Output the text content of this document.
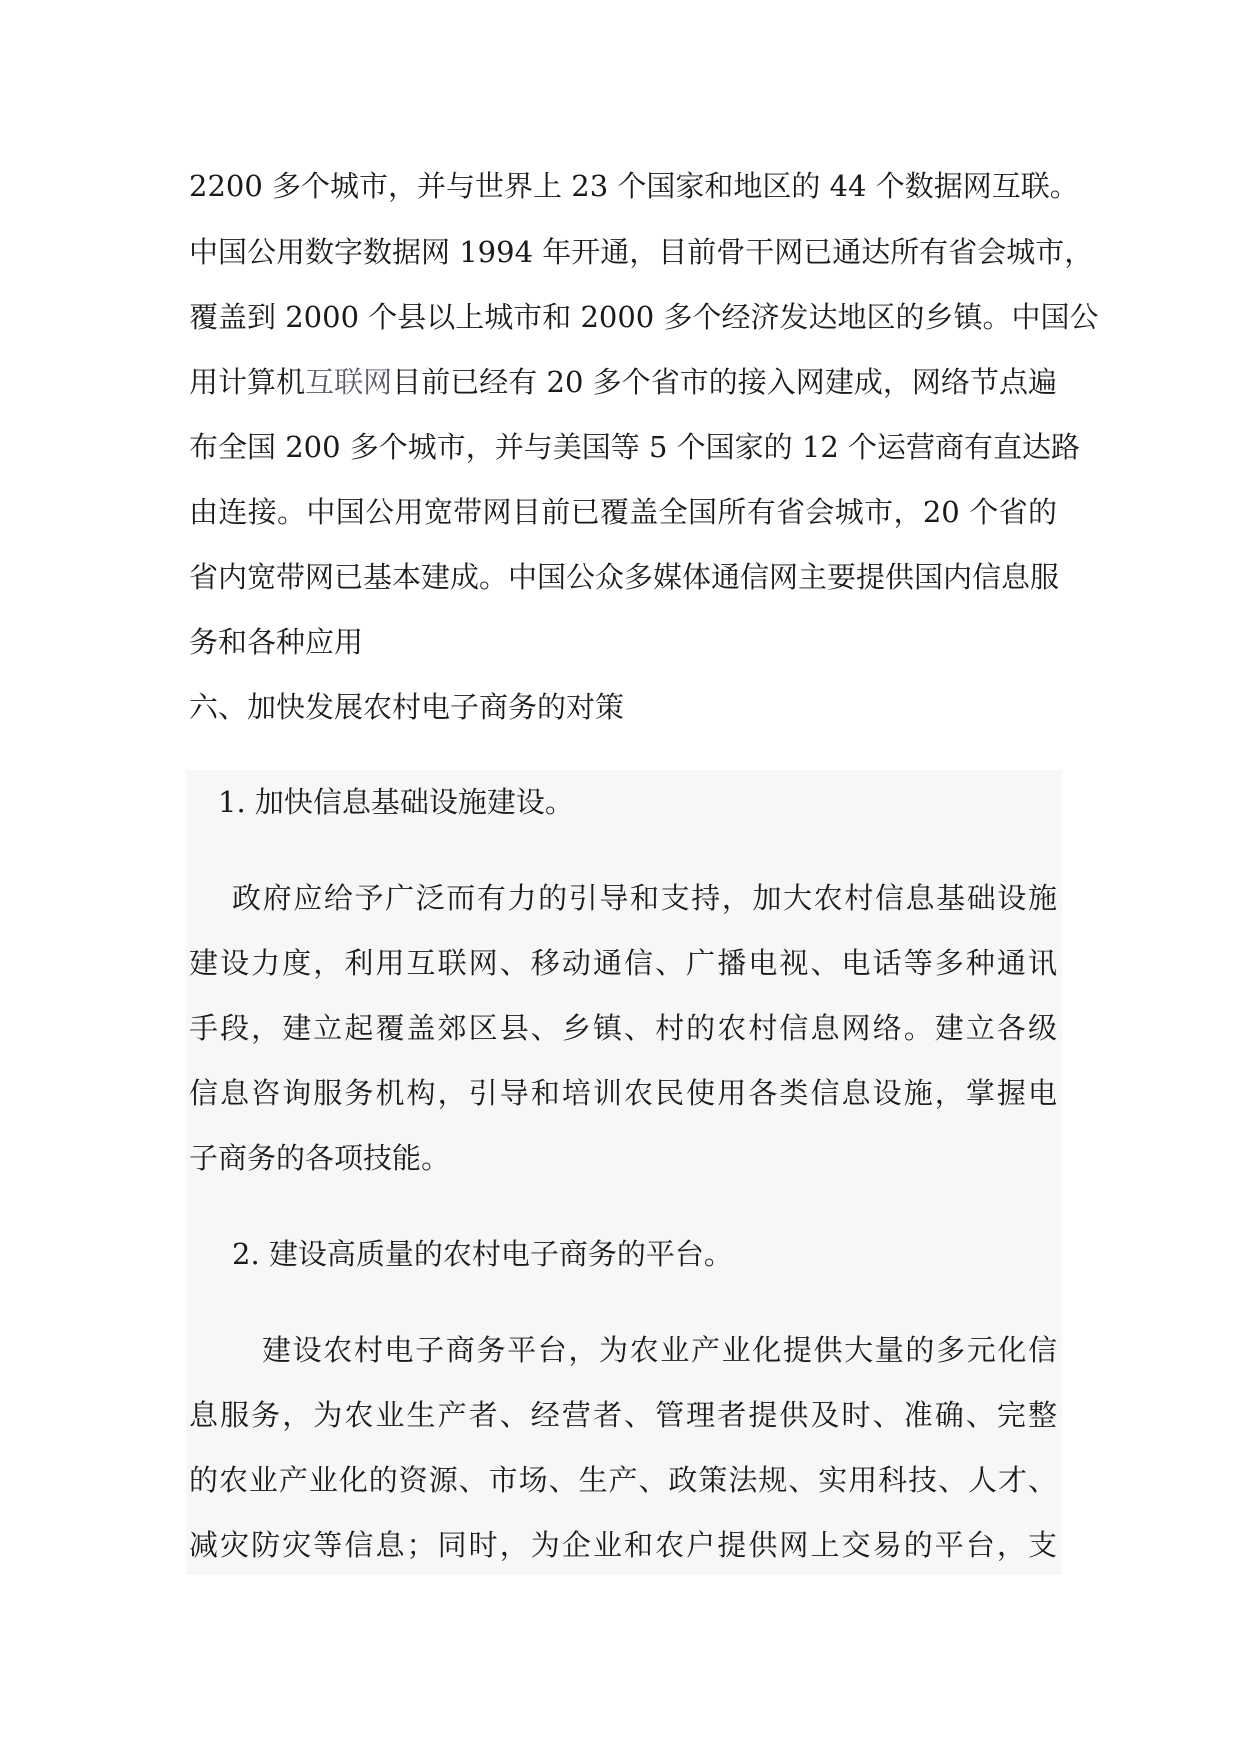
2200 多个城市，并与世界上 23 个国家和地区的 44 个数据网互联。
中国公用数字数据网 1994 年开通，目前骨干网已通达所有省会城市，
覆盖到 2000 个县以上城市和 2000 多个经济发达地区的乡镇。中国公
用计算机互联网目前已经有 20 多个省市的接入网建成，网络节点遍
布全国 200 多个城市，并与美国等 5 个国家的 12 个运营商有直达路
由连接。中国公用宽带网目前已覆盖全国所有省会城市，20 个省的
省内宽带网已基本建成。中国公众多媒体通信网主要提供国内信息服
务和各种应用
六、加快发展农村电子商务的对策
1. 加快信息基础设施建设。
政府应给予广泛而有力的引导和支持，加大农村信息基础设施
建设力度，利用互联网、移动通信、广播电视、电话等多种通讯
手段，建立起覆盖郊区县、乡镇、村的农村信息网络。建立各级
信息咨询服务机构，引导和培训农民使用各类信息设施，掌握电
子商务的各项技能。
2. 建设高质量的农村电子商务的平台。
建设农村电子商务平台，为农业产业化提供大量的多元化信
息服务，为农业生产者、经营者、管理者提供及时、准确、完整
的农业产业化的资源、市场、生产、政策法规、实用科技、人才、
减灾防灾等信息；同时，为企业和农户提供网上交易的平台，支
